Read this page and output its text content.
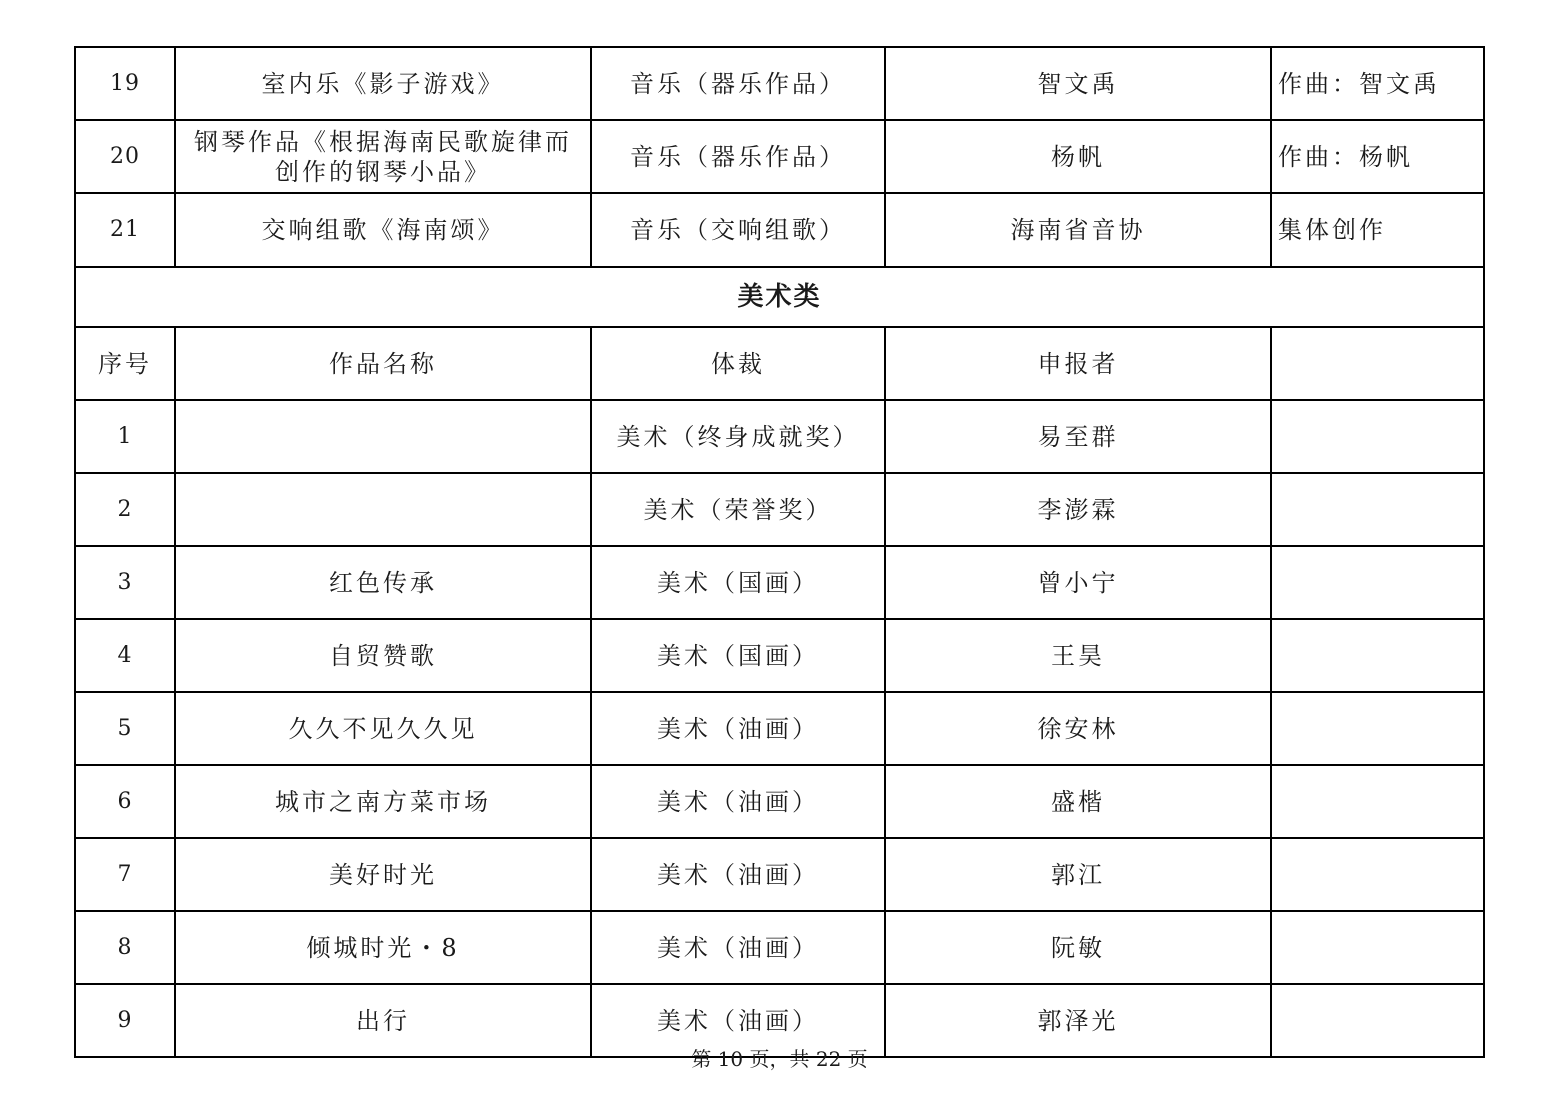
19	室内乐《影子游戏》	音乐（器乐作品）	智文禹	作曲：智文禹
20	钢琴作品《根据海南民歌旋律而创作的钢琴小品》	音乐（器乐作品）	杨帆	作曲：杨帆
21	交响组歌《海南颂》	音乐（交响组歌）	海南省音协	集体创作
美术类				
序号	作品名称	体裁	申报者	
1		美术（终身成就奖）	易至群	
2		美术（荣誉奖）	李澎霖	
3	红色传承	美术（国画）	曾小宁	
4	自贸赞歌	美术（国画）	王昊	
5	久久不见久久见	美术（油画）	徐安林	
6	城市之南方菜市场	美术（油画）	盛楷	
7	美好时光	美术（油画）	郭江	
8	倾城时光・8	美术（油画）	阮敏	
9	出行	美术（油画）	郭泽光	
第 10 页，共 22 页
